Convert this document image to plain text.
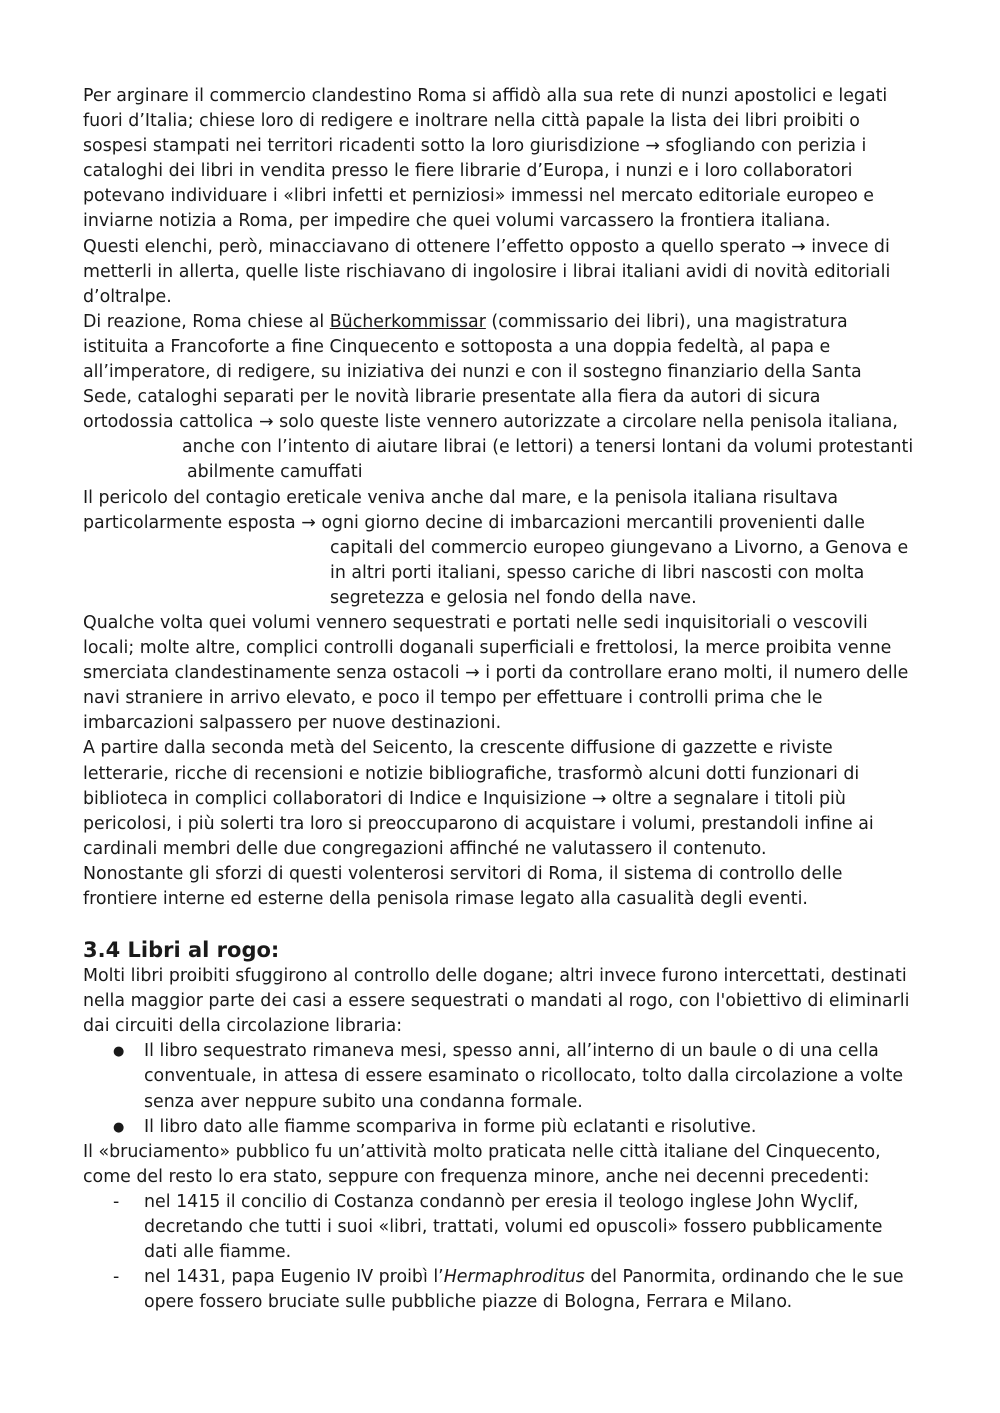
Per arginare il commercio clandestino Roma si affidò alla sua rete di nunzi apostolici e legati fuori d’Italia; chiese loro di redigere e inoltrare nella città papale la lista dei libri proibiti o sospesi stampati nei territori ricadenti sotto la loro giurisdizione → sfogliando con perizia i cataloghi dei libri in vendita presso le fiere librarie d’Europa, i nunzi e i loro collaboratori potevano individuare i «libri infetti et perniziosi» immessi nel mercato editoriale europeo e inviarne notizia a Roma, per impedire che quei volumi varcassero la frontiera italiana.

Questi elenchi, però, minacciavano di ottenere l’effetto opposto a quello sperato → invece di metterli in allerta, quelle liste rischiavano di ingolosire i librai italiani avidi di novità editoriali d’oltralpe.

Di reazione, Roma chiese al Bücherkommissar (commissario dei libri), una magistratura istituita a Francoforte a fine Cinquecento e sottoposta a una doppia fedeltà, al papa e all’imperatore, di redigere, su iniziativa dei nunzi e con il sostegno finanziario della Santa Sede, cataloghi separati per le novità librarie presentate alla fiera da autori di sicura ortodossia cattolica → solo queste liste vennero autorizzate a circolare nella penisola italiana,

anche con l’intento di aiutare librai (e lettori) a tenersi lontani da volumi protestanti

abilmente camuffati

Il pericolo del contagio ereticale veniva anche dal mare, e la penisola italiana risultava particolarmente esposta → ogni giorno decine di imbarcazioni mercantili provenienti dalle

capitali del commercio europeo giungevano a Livorno, a Genova e in altri porti italiani, spesso cariche di libri nascosti con molta segretezza e gelosia nel fondo della nave.

Qualche volta quei volumi vennero sequestrati e portati nelle sedi inquisitoriali o vescovili locali; molte altre, complici controlli doganali superficiali e frettolosi, la merce proibita venne smerciata clandestinamente senza ostacoli → i porti da controllare erano molti, il numero delle navi straniere in arrivo elevato, e poco il tempo per effettuare i controlli prima che le imbarcazioni salpassero per nuove destinazioni.

A partire dalla seconda metà del Seicento, la crescente diffusione di gazzette e riviste letterarie, ricche di recensioni e notizie bibliografiche, trasformò alcuni dotti funzionari di biblioteca in complici collaboratori di Indice e Inquisizione → oltre a segnalare i titoli più pericolosi, i più solerti tra loro si preoccuparono di acquistare i volumi, prestandoli infine ai cardinali membri delle due congregazioni affinché ne valutassero il contenuto.

Nonostante gli sforzi di questi volenterosi servitori di Roma, il sistema di controllo delle frontiere interne ed esterne della penisola rimase legato alla casualità degli eventi.

3.4 Libri al rogo:

Molti libri proibiti sfuggirono al controllo delle dogane; altri invece furono intercettati, destinati nella maggior parte dei casi a essere sequestrati o mandati al rogo, con l'obiettivo di eliminarli dai circuiti della circolazione libraria:

● Il libro sequestrato rimaneva mesi, spesso anni, all’interno di un baule o di una cella conventuale, in attesa di essere esaminato o ricollocato, tolto dalla circolazione a volte senza aver neppure subito una condanna formale.
● Il libro dato alle fiamme scompariva in forme più eclatanti e risolutive.

Il «bruciamento» pubblico fu un’attività molto praticata nelle città italiane del Cinquecento, come del resto lo era stato, seppure con frequenza minore, anche nei decenni precedenti:

- nel 1415 il concilio di Costanza condannò per eresia il teologo inglese John Wyclif, decretando che tutti i suoi «libri, trattati, volumi ed opuscoli» fossero pubblicamente dati alle fiamme.
- nel 1431, papa Eugenio IV proibì l’Hermaphroditus del Panormita, ordinando che le sue opere fossero bruciate sulle pubbliche piazze di Bologna, Ferrara e Milano.
